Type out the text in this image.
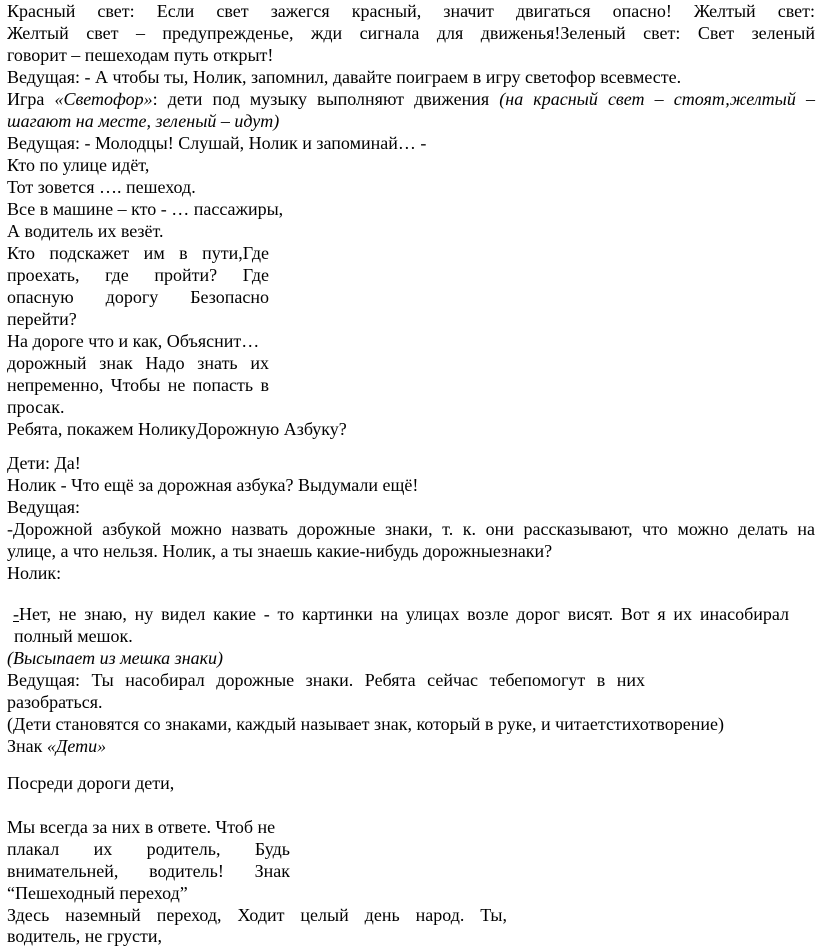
Красный свет: Если свет зажегся красный, значит двигаться опасно! Желтый свет:

Желтый свет – предупрежденье, жди сигнала для движенья!Зеленый свет: Свет зеленый

говорит – пешеходам путь открыт!

Ведущая: - А чтобы ты, Нолик, запомнил, давайте поиграем в игру светофор всевместе.

Игра «Светофор»: дети под музыку выполняют движения (на красный свет – стоят,желтый –

шагают на месте, зеленый – идут)

Ведущая: - Молодцы! Слушай, Нолик и запоминай… -

Кто по улице идёт,

Тот зовется …. пешеход.

Все в машине – кто - … пассажиры,

А водитель их везёт.

Кто подскажет им в пути,Где

проехать, где пройти? Где

опасную дорогу Безопасно

перейти?

На дороге что и как, Объяснит…

дорожный знак Надо знать их

непременно, Чтобы не попасть в

просак.

Ребята, покажем НоликуДорожную Азбуку?

Дети: Да!

Нолик - Что ещё за дорожная азбука? Выдумали ещё!

Ведущая:

-Дорожной азбукой можно назвать дорожные знаки, т. к. они рассказывают, что можно делать на

улице, а что нельзя. Нолик, а ты знаешь какие-нибудь дорожныезнаки?

Нолик:

-Нет, не знаю, ну видел какие - то картинки на улицах возле дорог висят. Вот я их инасобирал

полный мешок.

(Высыпает из мешка знаки)

Ведущая: Ты насобирал дорожные знаки. Ребята сейчас тебепомогут в них

разобраться.

(Дети становятся со знаками, каждый называет знак, который в руке, и читаетстихотворение)

Знак «Дети»

Посреди дороги дети,

Мы всегда за них в ответе. Чтоб не

плакал их родитель, Будь

внимательней, водитель! Знак

“Пешеходный переход”

Здесь наземный переход, Ходит целый день народ. Ты,

водитель, не грусти,
